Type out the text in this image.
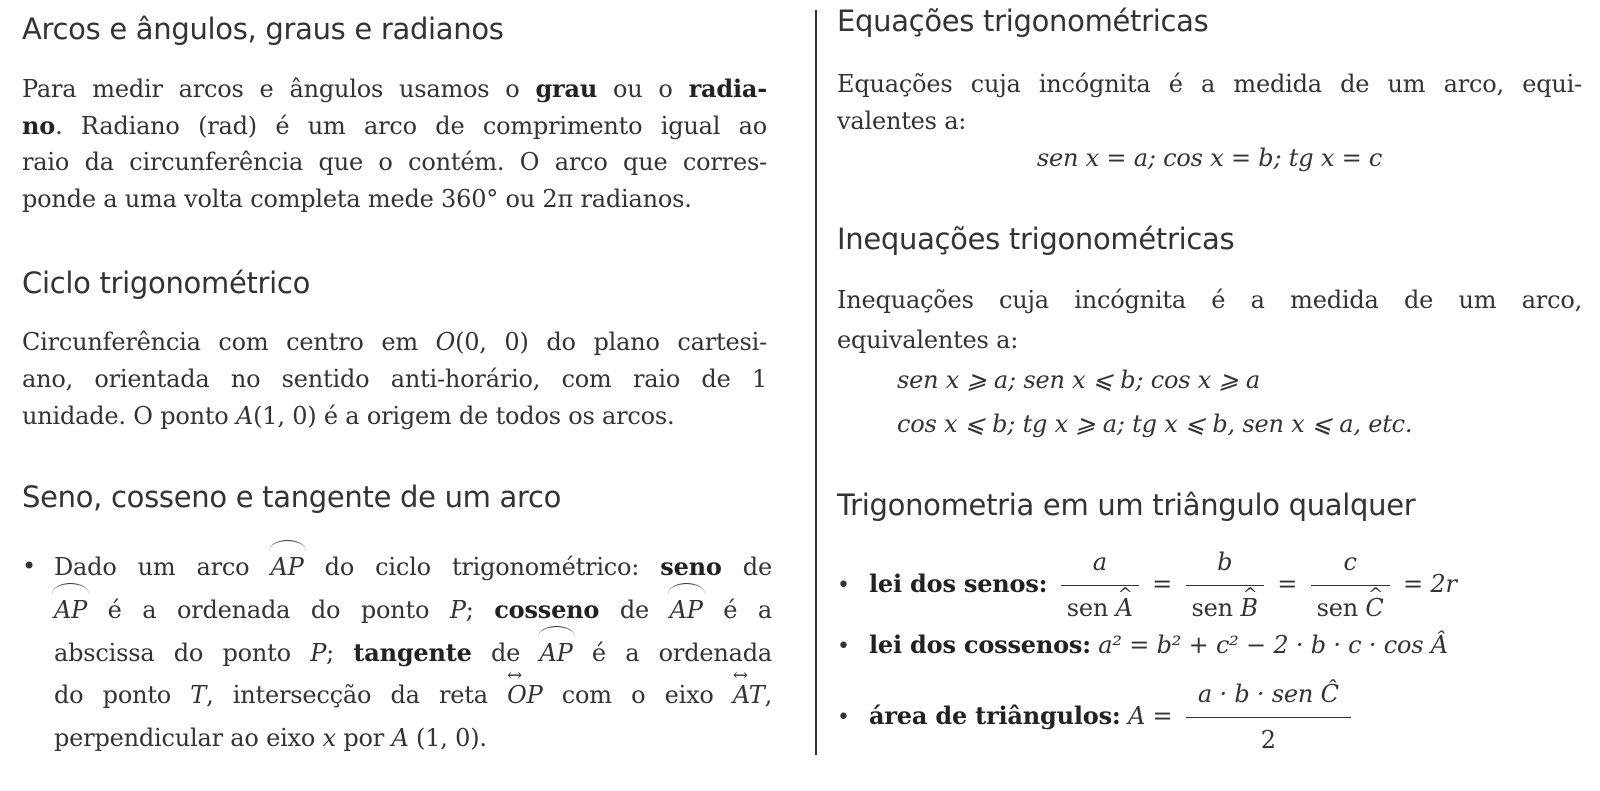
Arcos e ângulos, graus e radianos
Para medir arcos e ângulos usamos o grau ou o radia-
no. Radiano (rad) é um arco de comprimento igual ao
raio da circunferência que o contém. O arco que corres-
ponde a uma volta completa mede 360° ou 2π radianos.
Ciclo trigonométrico
Circunferência com centro em O(0, 0) do plano cartesi-
ano, orientada no sentido anti-horário, com raio de 1
unidade. O ponto A(1, 0) é a origem de todos os arcos.
Seno, cosseno e tangente de um arco
• Dado um arco AP do ciclo trigonométrico: seno de
AP é a ordenada do ponto P; cosseno de AP é a
abscissa do ponto P; tangente de AP é a ordenada
do ponto T, intersecção da reta ↔ OP com o eixo ↔ AT,
perpendicular ao eixo x por A (1, 0).
Equações trigonométricas
Equações cuja incógnita é a medida de um arco, equi-
valentes a:
sen x = a; cos x = b; tg x = c
Inequações trigonométricas
Inequações cuja incógnita é a medida de um arco,
equivalentes a:
sen x ⩾ a; sen x ⩽ b; cos x ⩾ a
cos x ⩽ b; tg x ⩾ a; tg x ⩽ b, sen x ⩽ a, etc.
Trigonometria em um triângulo qualquer
• lei dos senos: $\frac{a}{\text{sen \textasciicircum{} A}} = \frac{b}{\text{sen \textasciicircum{} B}} = \frac{c}{\text{sen \textasciicircum{} C}} = 2r$
• lei dos cossenos: a² = b² + c² − 2 · b · c · cos Â
• área de triângulos: $A = \frac{\text{a · b · sen Ĉ}}{2}$
